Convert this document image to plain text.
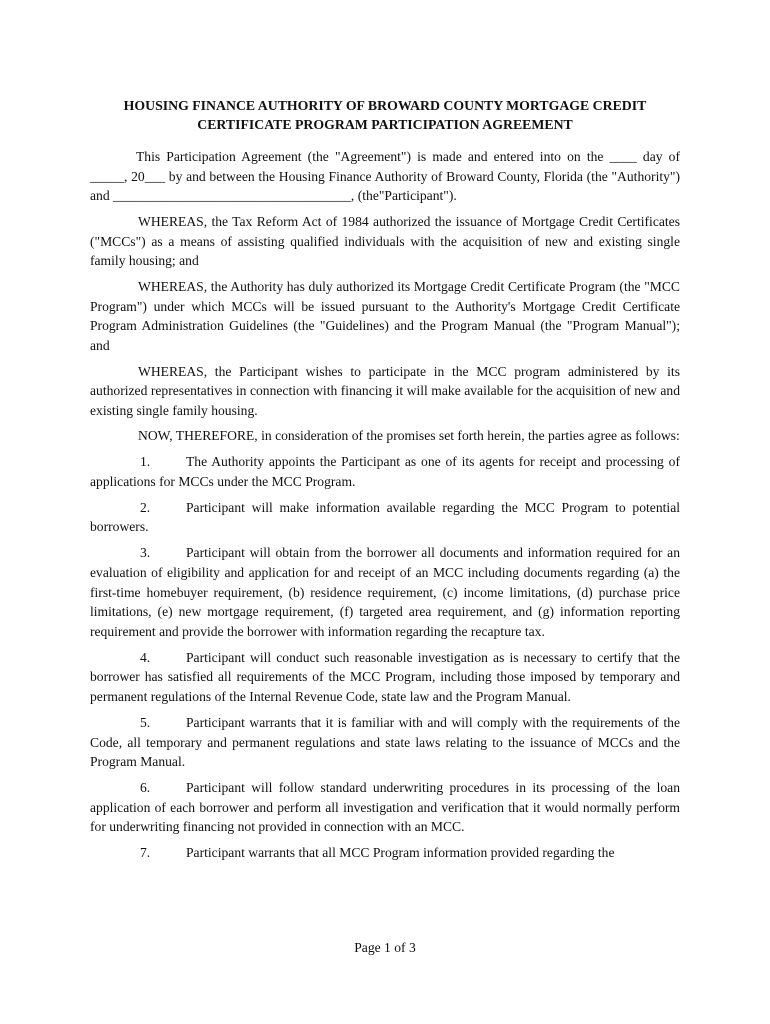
HOUSING FINANCE AUTHORITY OF BROWARD COUNTY MORTGAGE CREDIT
CERTIFICATE PROGRAM PARTICIPATION AGREEMENT

This Participation Agreement (the "Agreement") is made and entered into on the ____ day of _____, 20___ by and between the Housing Finance Authority of Broward County, Florida (the "Authority") and ___________________________________, (the"Participant").

WHEREAS, the Tax Reform Act of 1984 authorized the issuance of Mortgage Credit Certificates ("MCCs") as a means of assisting qualified individuals with the acquisition of new and existing single family housing; and

WHEREAS, the Authority has duly authorized its Mortgage Credit Certificate Program (the "MCC Program") under which MCCs will be issued pursuant to the Authority's Mortgage Credit Certificate Program Administration Guidelines (the "Guidelines) and the Program Manual (the "Program Manual"); and

WHEREAS, the Participant wishes to participate in the MCC program administered by its authorized representatives in connection with financing it will make available for the acquisition of new and existing single family housing.

NOW, THEREFORE, in consideration of the promises set forth herein, the parties agree as follows:

1.	The Authority appoints the Participant as one of its agents for receipt and processing of applications for MCCs under the MCC Program.

2.	Participant will make information available regarding the MCC Program to potential borrowers.

3.	Participant will obtain from the borrower all documents and information required for an evaluation of eligibility and application for and receipt of an MCC including documents regarding (a) the first-time homebuyer requirement, (b) residence requirement, (c) income limitations, (d) purchase price limitations, (e) new mortgage requirement, (f) targeted area requirement, and (g) information reporting requirement and provide the borrower with information regarding the recapture tax.

4.	Participant will conduct such reasonable investigation as is necessary to certify that the borrower has satisfied all requirements of the MCC Program, including those imposed by temporary and permanent regulations of the Internal Revenue Code, state law and the Program Manual.

5.	Participant warrants that it is familiar with and will comply with the requirements of the Code, all temporary and permanent regulations and state laws relating to the issuance of MCCs and the Program Manual.

6.	Participant will follow standard underwriting procedures in its processing of the loan application of each borrower and perform all investigation and verification that it would normally perform for underwriting financing not provided in connection with an MCC.

7.	Participant warrants that all MCC Program information provided regarding the

Page 1 of 3
